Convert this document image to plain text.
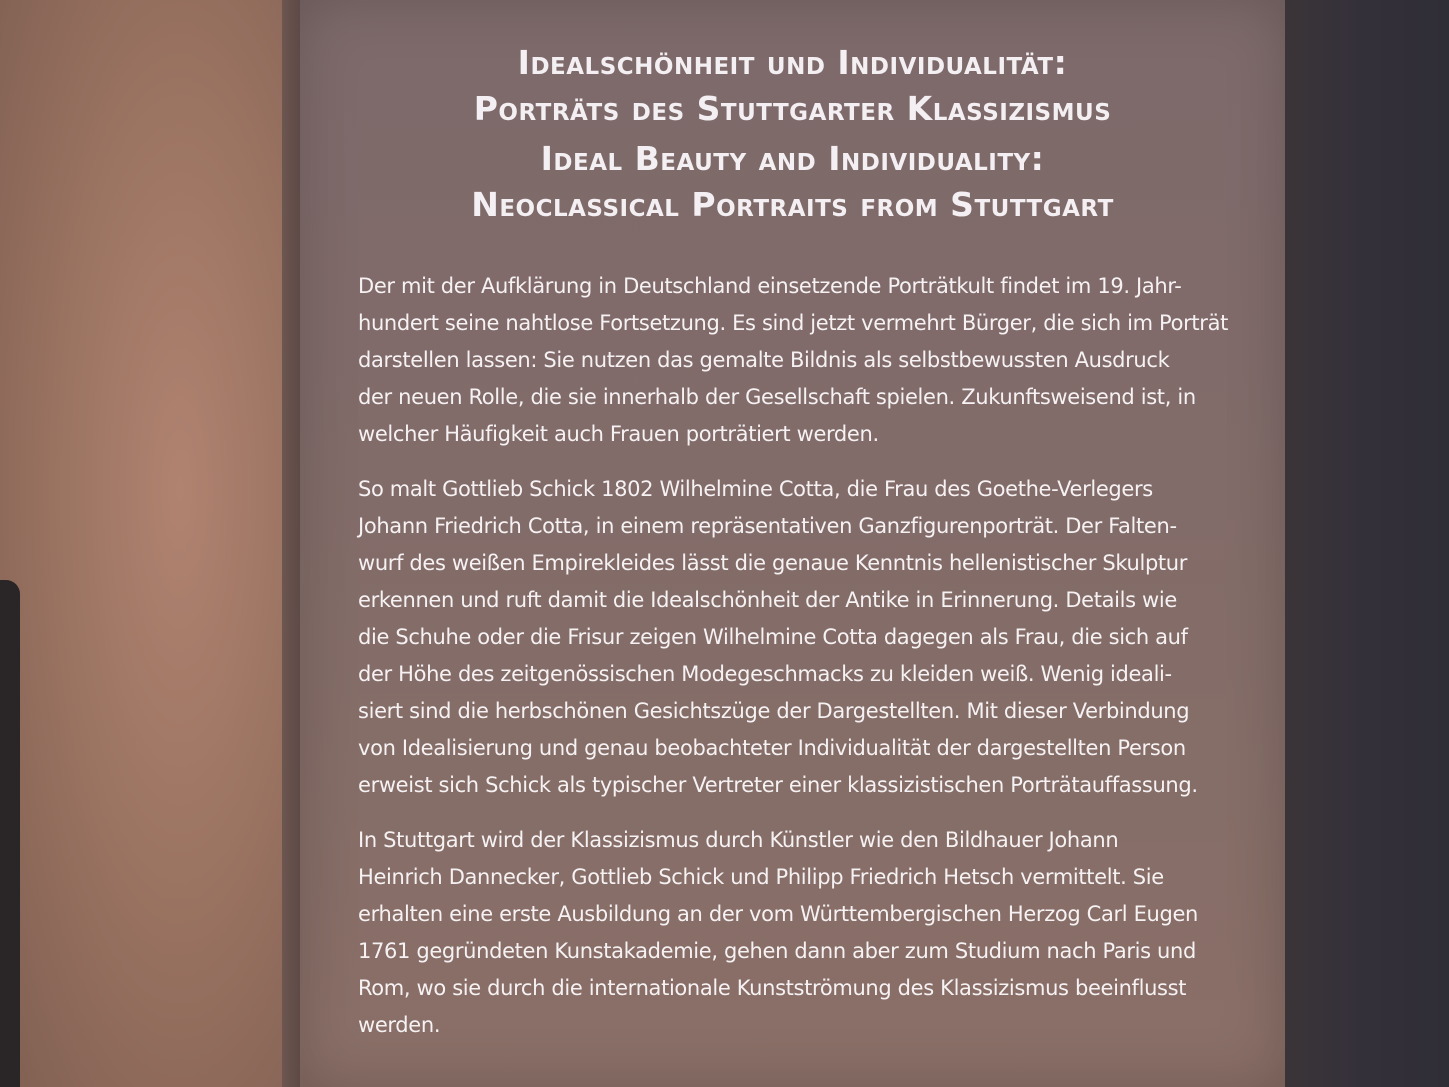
Idealschönheit und Individualität:
Porträts des Stuttgarter Klassizismus
Ideal Beauty and Individuality:
Neoclassical Portraits from Stuttgart

Der mit der Aufklärung in Deutschland einsetzende Porträtkult findet im 19. Jahr-
hundert seine nahtlose Fortsetzung. Es sind jetzt vermehrt Bürger, die sich im Porträt
darstellen lassen: Sie nutzen das gemalte Bildnis als selbstbewussten Ausdruck
der neuen Rolle, die sie innerhalb der Gesellschaft spielen. Zukunftsweisend ist, in
welcher Häufigkeit auch Frauen porträtiert werden.

So malt Gottlieb Schick 1802 Wilhelmine Cotta, die Frau des Goethe-Verlegers
Johann Friedrich Cotta, in einem repräsentativen Ganzfigurenporträt. Der Falten-
wurf des weißen Empirekleides lässt die genaue Kenntnis hellenistischer Skulptur
erkennen und ruft damit die Idealschönheit der Antike in Erinnerung. Details wie
die Schuhe oder die Frisur zeigen Wilhelmine Cotta dagegen als Frau, die sich auf
der Höhe des zeitgenössischen Modegeschmacks zu kleiden weiß. Wenig ideali-
siert sind die herbschönen Gesichtszüge der Dargestellten. Mit dieser Verbindung
von Idealisierung und genau beobachteter Individualität der dargestellten Person
erweist sich Schick als typischer Vertreter einer klassizistischen Porträtauffassung.

In Stuttgart wird der Klassizismus durch Künstler wie den Bildhauer Johann
Heinrich Dannecker, Gottlieb Schick und Philipp Friedrich Hetsch vermittelt. Sie
erhalten eine erste Ausbildung an der vom Württembergischen Herzog Carl Eugen
1761 gegründeten Kunstakademie, gehen dann aber zum Studium nach Paris und
Rom, wo sie durch die internationale Kunstströmung des Klassizismus beeinflusst
werden.
